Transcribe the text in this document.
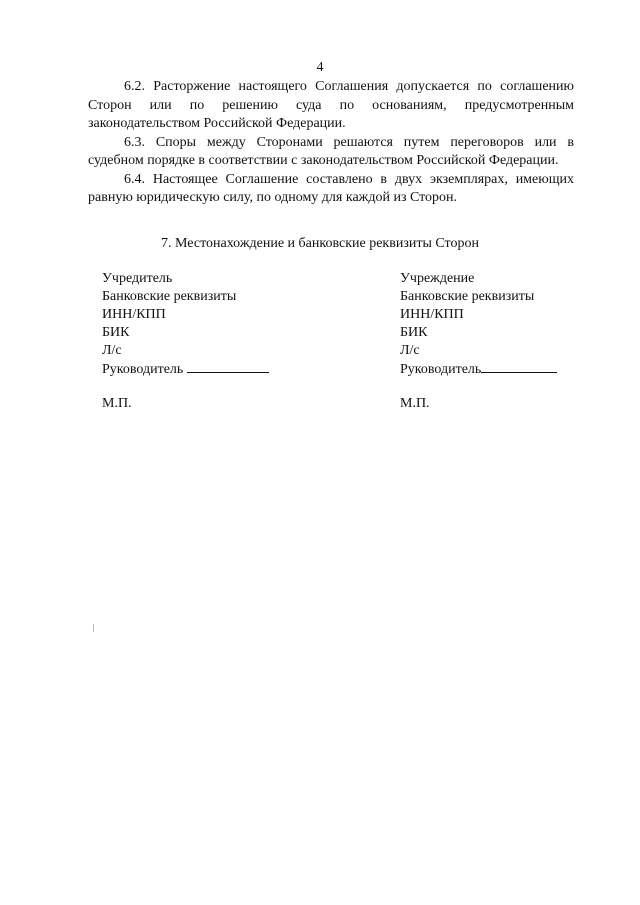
4

6.2. Расторжение настоящего Соглашения допускается по соглашению Сторон или по решению суда по основаниям, предусмотренным законодательством Российской Федерации.

6.3. Споры между Сторонами решаются путем переговоров или в судебном порядке в соответствии с законодательством Российской Федерации.

6.4. Настоящее Соглашение составлено в двух экземплярах, имеющих равную юридическую силу, по одному для каждой из Сторон.

7. Местонахождение и банковские реквизиты Сторон
Учредитель
Банковские реквизиты
ИНН/КПП
БИК
Л/с
Руководитель
М.П.
Учреждение
Банковские реквизиты
ИНН/КПП
БИК
Л/с
Руководитель
М.П.
